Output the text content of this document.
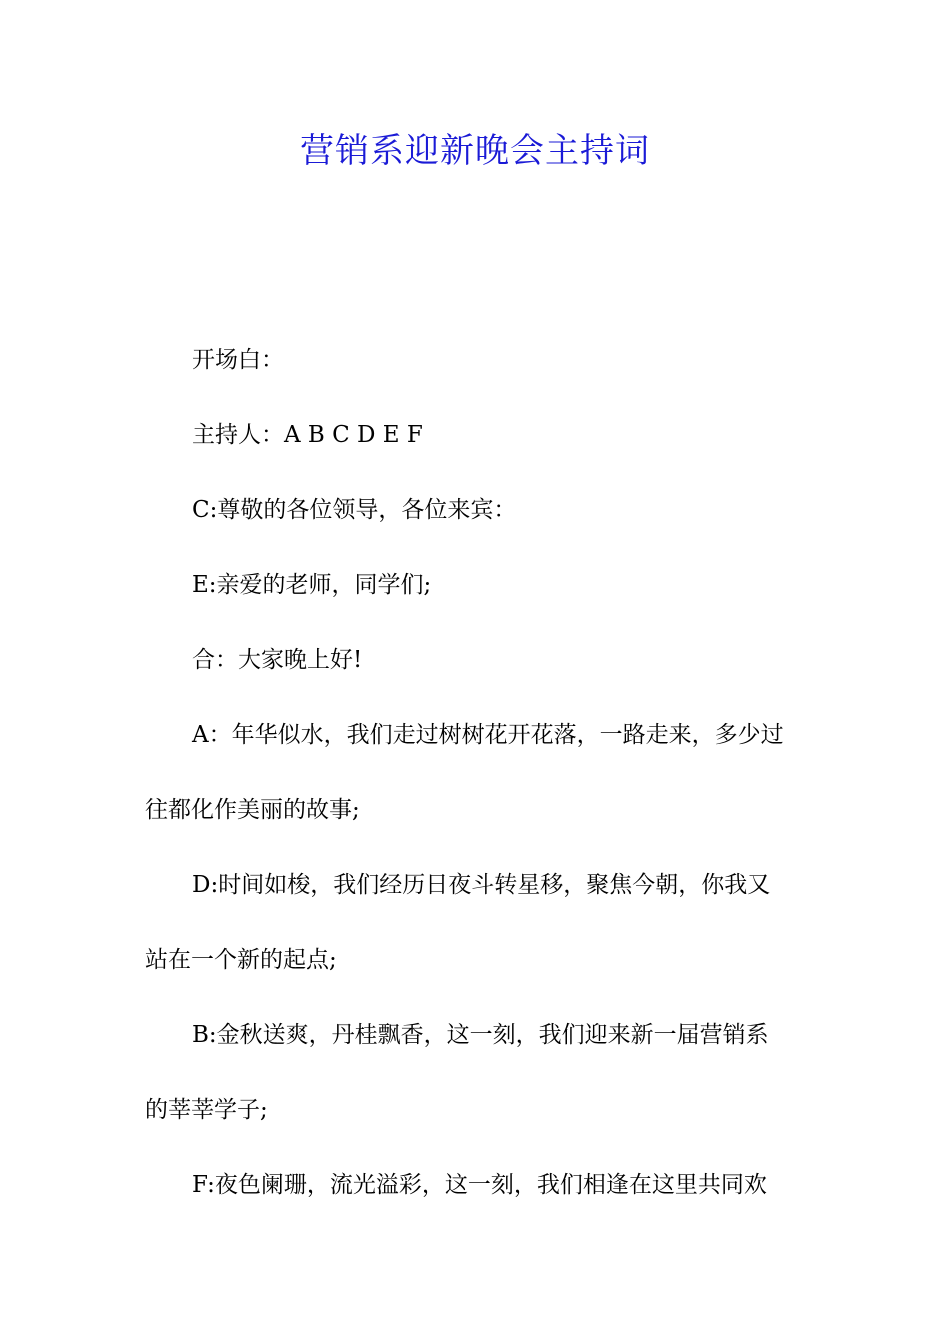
营销系迎新晚会主持词
开场白：
主持人：A B C D E F
C:尊敬的各位领导，各位来宾：
E:亲爱的老师，同学们;
合：大家晚上好!
A：年华似水，我们走过树树花开花落，一路走来，多少过
往都化作美丽的故事;
D:时间如梭，我们经历日夜斗转星移，聚焦今朝，你我又
站在一个新的起点;
B:金秋送爽，丹桂飘香，这一刻，我们迎来新一届营销系
的莘莘学子;
F:夜色阑珊，流光溢彩，这一刻，我们相逢在这里共同欢
